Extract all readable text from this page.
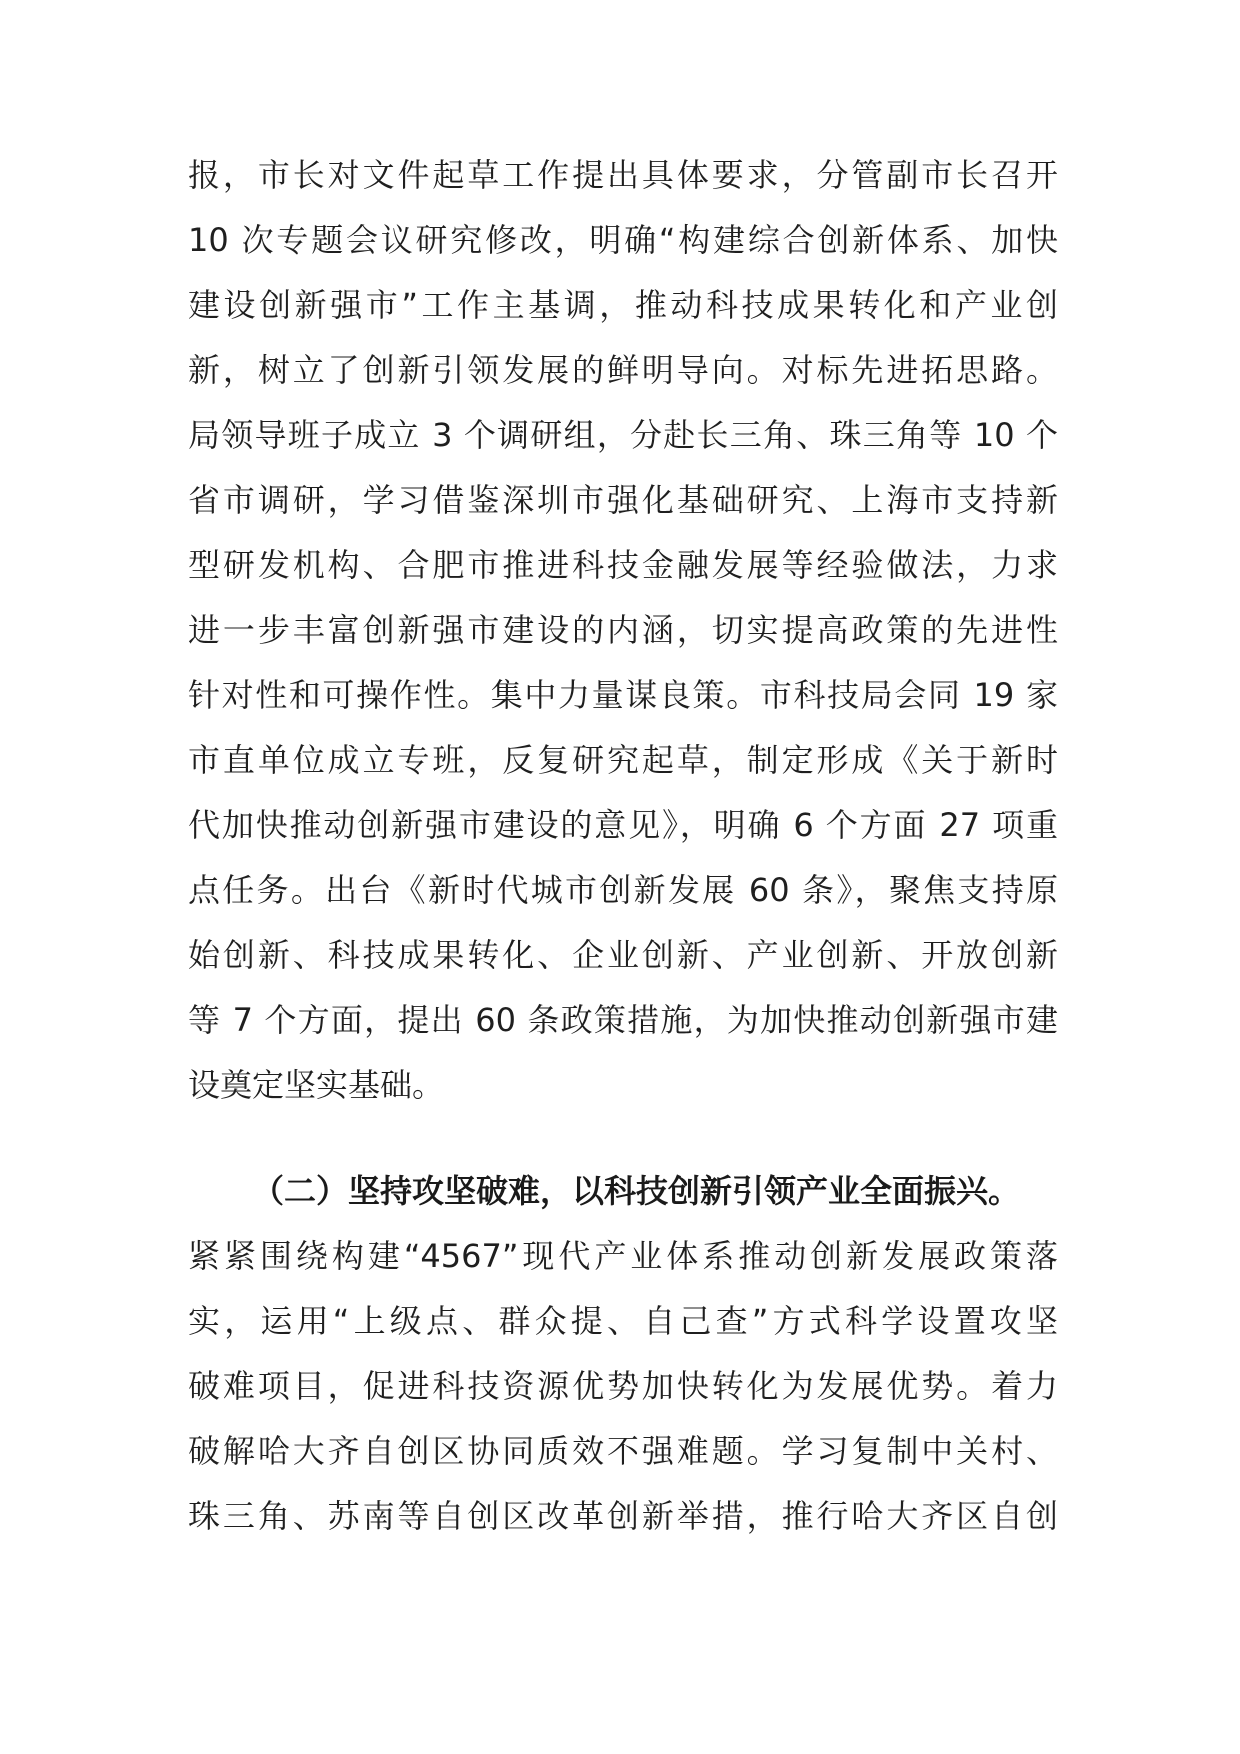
报，市长对文件起草工作提出具体要求，分管副市长召开
10 次专题会议研究修改，明确“构建综合创新体系、加快
建设创新强市”工作主基调，推动科技成果转化和产业创
新，树立了创新引领发展的鲜明导向。对标先进拓思路。
局领导班子成立 3 个调研组，分赴长三角、珠三角等 10 个
省市调研，学习借鉴深圳市强化基础研究、上海市支持新
型研发机构、合肥市推进科技金融发展等经验做法，力求
进一步丰富创新强市建设的内涵，切实提高政策的先进性
针对性和可操作性。集中力量谋良策。市科技局会同 19 家
市直单位成立专班，反复研究起草，制定形成《关于新时
代加快推动创新强市建设的意见》，明确 6 个方面 27 项重
点任务。出台《新时代城市创新发展 60 条》，聚焦支持原
始创新、科技成果转化、企业创新、产业创新、开放创新
等 7 个方面，提出 60 条政策措施，为加快推动创新强市建
设奠定坚实基础。
（二）坚持攻坚破难，以科技创新引领产业全面振兴。
紧紧围绕构建“4567”现代产业体系推动创新发展政策落
实，运用“上级点、群众提、自己查”方式科学设置攻坚
破难项目，促进科技资源优势加快转化为发展优势。着力
破解哈大齐自创区协同质效不强难题。学习复制中关村、
珠三角、苏南等自创区改革创新举措，推行哈大齐区自创
